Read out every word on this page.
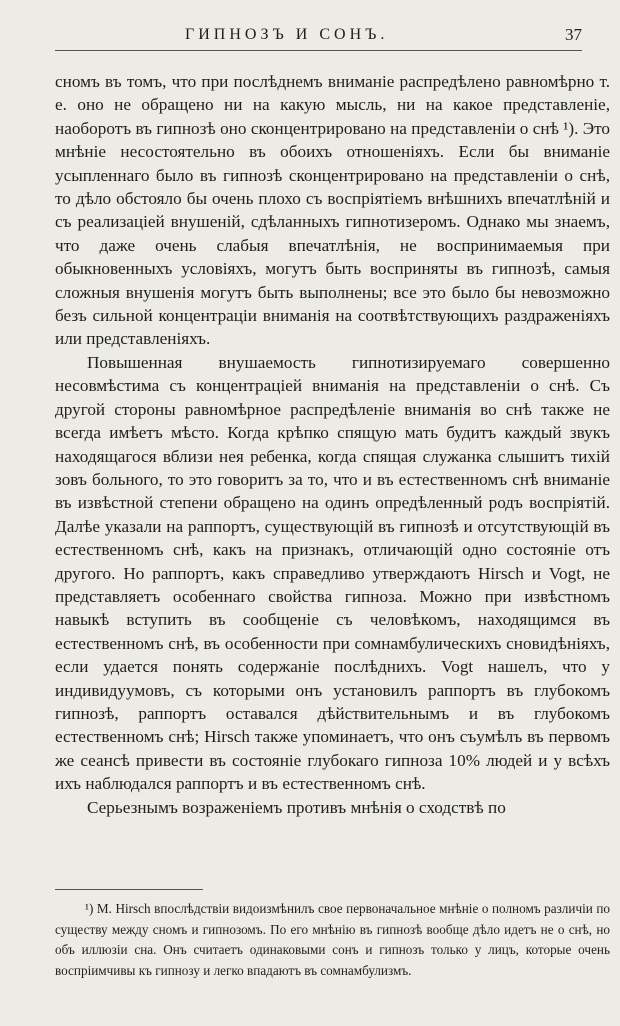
ГИПНОЗЪ И СОНЪ.	37

сномъ въ томъ, что при послѣднемъ вниманіе распредѣлено равномѣрно т. е. оно не обращено ни на какую мысль, ни на какое представленіе, наоборотъ въ гипнозѣ оно сконцентрировано на представленіи о снѣ ¹). Это мнѣніе несостоятельно въ обоихъ отношеніяхъ. Если бы вниманіе усыпленнаго было въ гипнозѣ сконцентрировано на представленіи о снѣ, то дѣло обстояло бы очень плохо съ воспріятіемъ внѣшнихъ впечатлѣній и съ реализаціей внушеній, сдѣланныхъ гипнотизеромъ. Однако мы знаемъ, что даже очень слабыя впечатлѣнія, не воспринимаемыя при обыкновенныхъ условіяхъ, могутъ быть восприняты въ гипнозѣ, самыя сложныя внушенія могутъ быть выполнены; все это было бы невозможно безъ сильной концентраціи вниманія на соотвѣтствующихъ раздраженіяхъ или представленіяхъ.

Повышенная внушаемость гипнотизируемаго совершенно несовмѣстима съ концентраціей вниманія на представленіи о снѣ. Съ другой стороны равномѣрное распредѣленіе вниманія во снѣ также не всегда имѣетъ мѣсто. Когда крѣпко спящую мать будитъ каждый звукъ находящагося вблизи нея ребенка, когда спящая служанка слышитъ тихій зовъ больного, то это говоритъ за то, что и въ естественномъ снѣ вниманіе въ извѣстной степени обращено на одинъ опредѣленный родъ воспріятій. Далѣе указали на раппортъ, существующій въ гипнозѣ и отсутствующій въ естественномъ снѣ, какъ на признакъ, отличающій одно состояніе отъ другого. Но раппортъ, какъ справедливо утверждаютъ Hirsch и Vogt, не представляетъ особеннаго свойства гипноза. Можно при извѣстномъ навыкѣ вступить въ сообщеніе съ человѣкомъ, находящимся въ естественномъ снѣ, въ особенности при сомнамбулическихъ сновидѣніяхъ, если удается понять содержаніе послѣднихъ. Vogt нашелъ, что у индивидуумовъ, съ которыми онъ установилъ раппортъ въ глубокомъ гипнозѣ, раппортъ оставался дѣйствительнымъ и въ глубокомъ естественномъ снѣ; Hirsch также упоминаетъ, что онъ съумѣлъ въ первомъ же сеансѣ привести въ состояніе глубокаго гипноза 10% людей и у всѣхъ ихъ наблюдался раппортъ и въ естественномъ снѣ.

Серьезнымъ возраженіемъ противъ мнѣнія о сходствѣ по

¹) M. Hirsch впослѣдствіи видоизмѣнилъ свое первоначальное мнѣніе о полномъ различіи по существу между сномъ и гипнозомъ. По его мнѣнію въ гипнозѣ вообще дѣло идетъ не о снѣ, но объ иллюзіи сна. Онъ считаетъ одинаковыми сонъ и гипнозъ только у лицъ, которые очень воспріимчивы къ гипнозу и легко впадаютъ въ сомнамбулизмъ.
